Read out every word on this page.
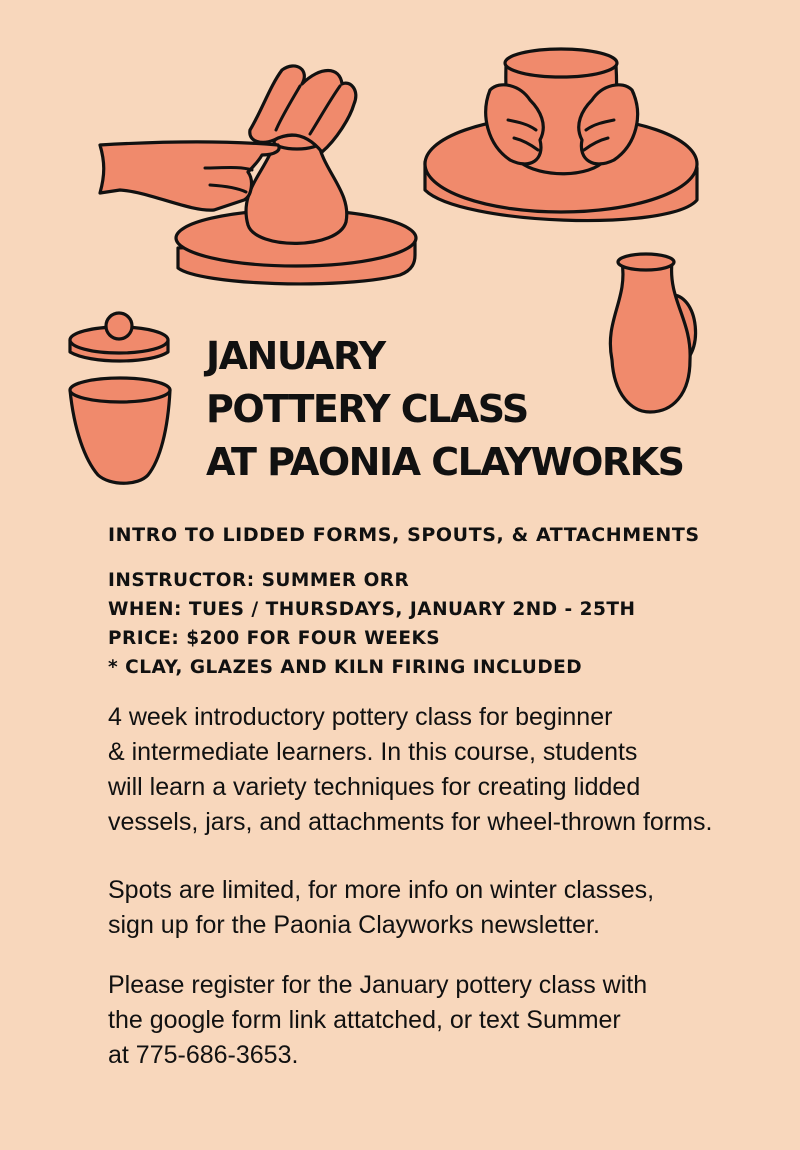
JANUARY
POTTERY CLASS
AT PAONIA CLAYWORKS
INTRO TO LIDDED FORMS, SPOUTS, & ATTACHMENTS
INSTRUCTOR: SUMMER ORR
WHEN: TUES / THURSDAYS, JANUARY 2ND - 25TH
PRICE: $200 FOR FOUR WEEKS
* CLAY, GLAZES AND KILN FIRING INCLUDED
4 week introductory pottery class for beginner
& intermediate learners. In this course, students
will learn a variety techniques for creating lidded
vessels, jars, and attachments for wheel-thrown forms.
Spots are limited, for more info on winter classes,
sign up for the Paonia Clayworks newsletter.
Please register for the January pottery class with
the google form link attatched, or text Summer
at 775-686-3653.
